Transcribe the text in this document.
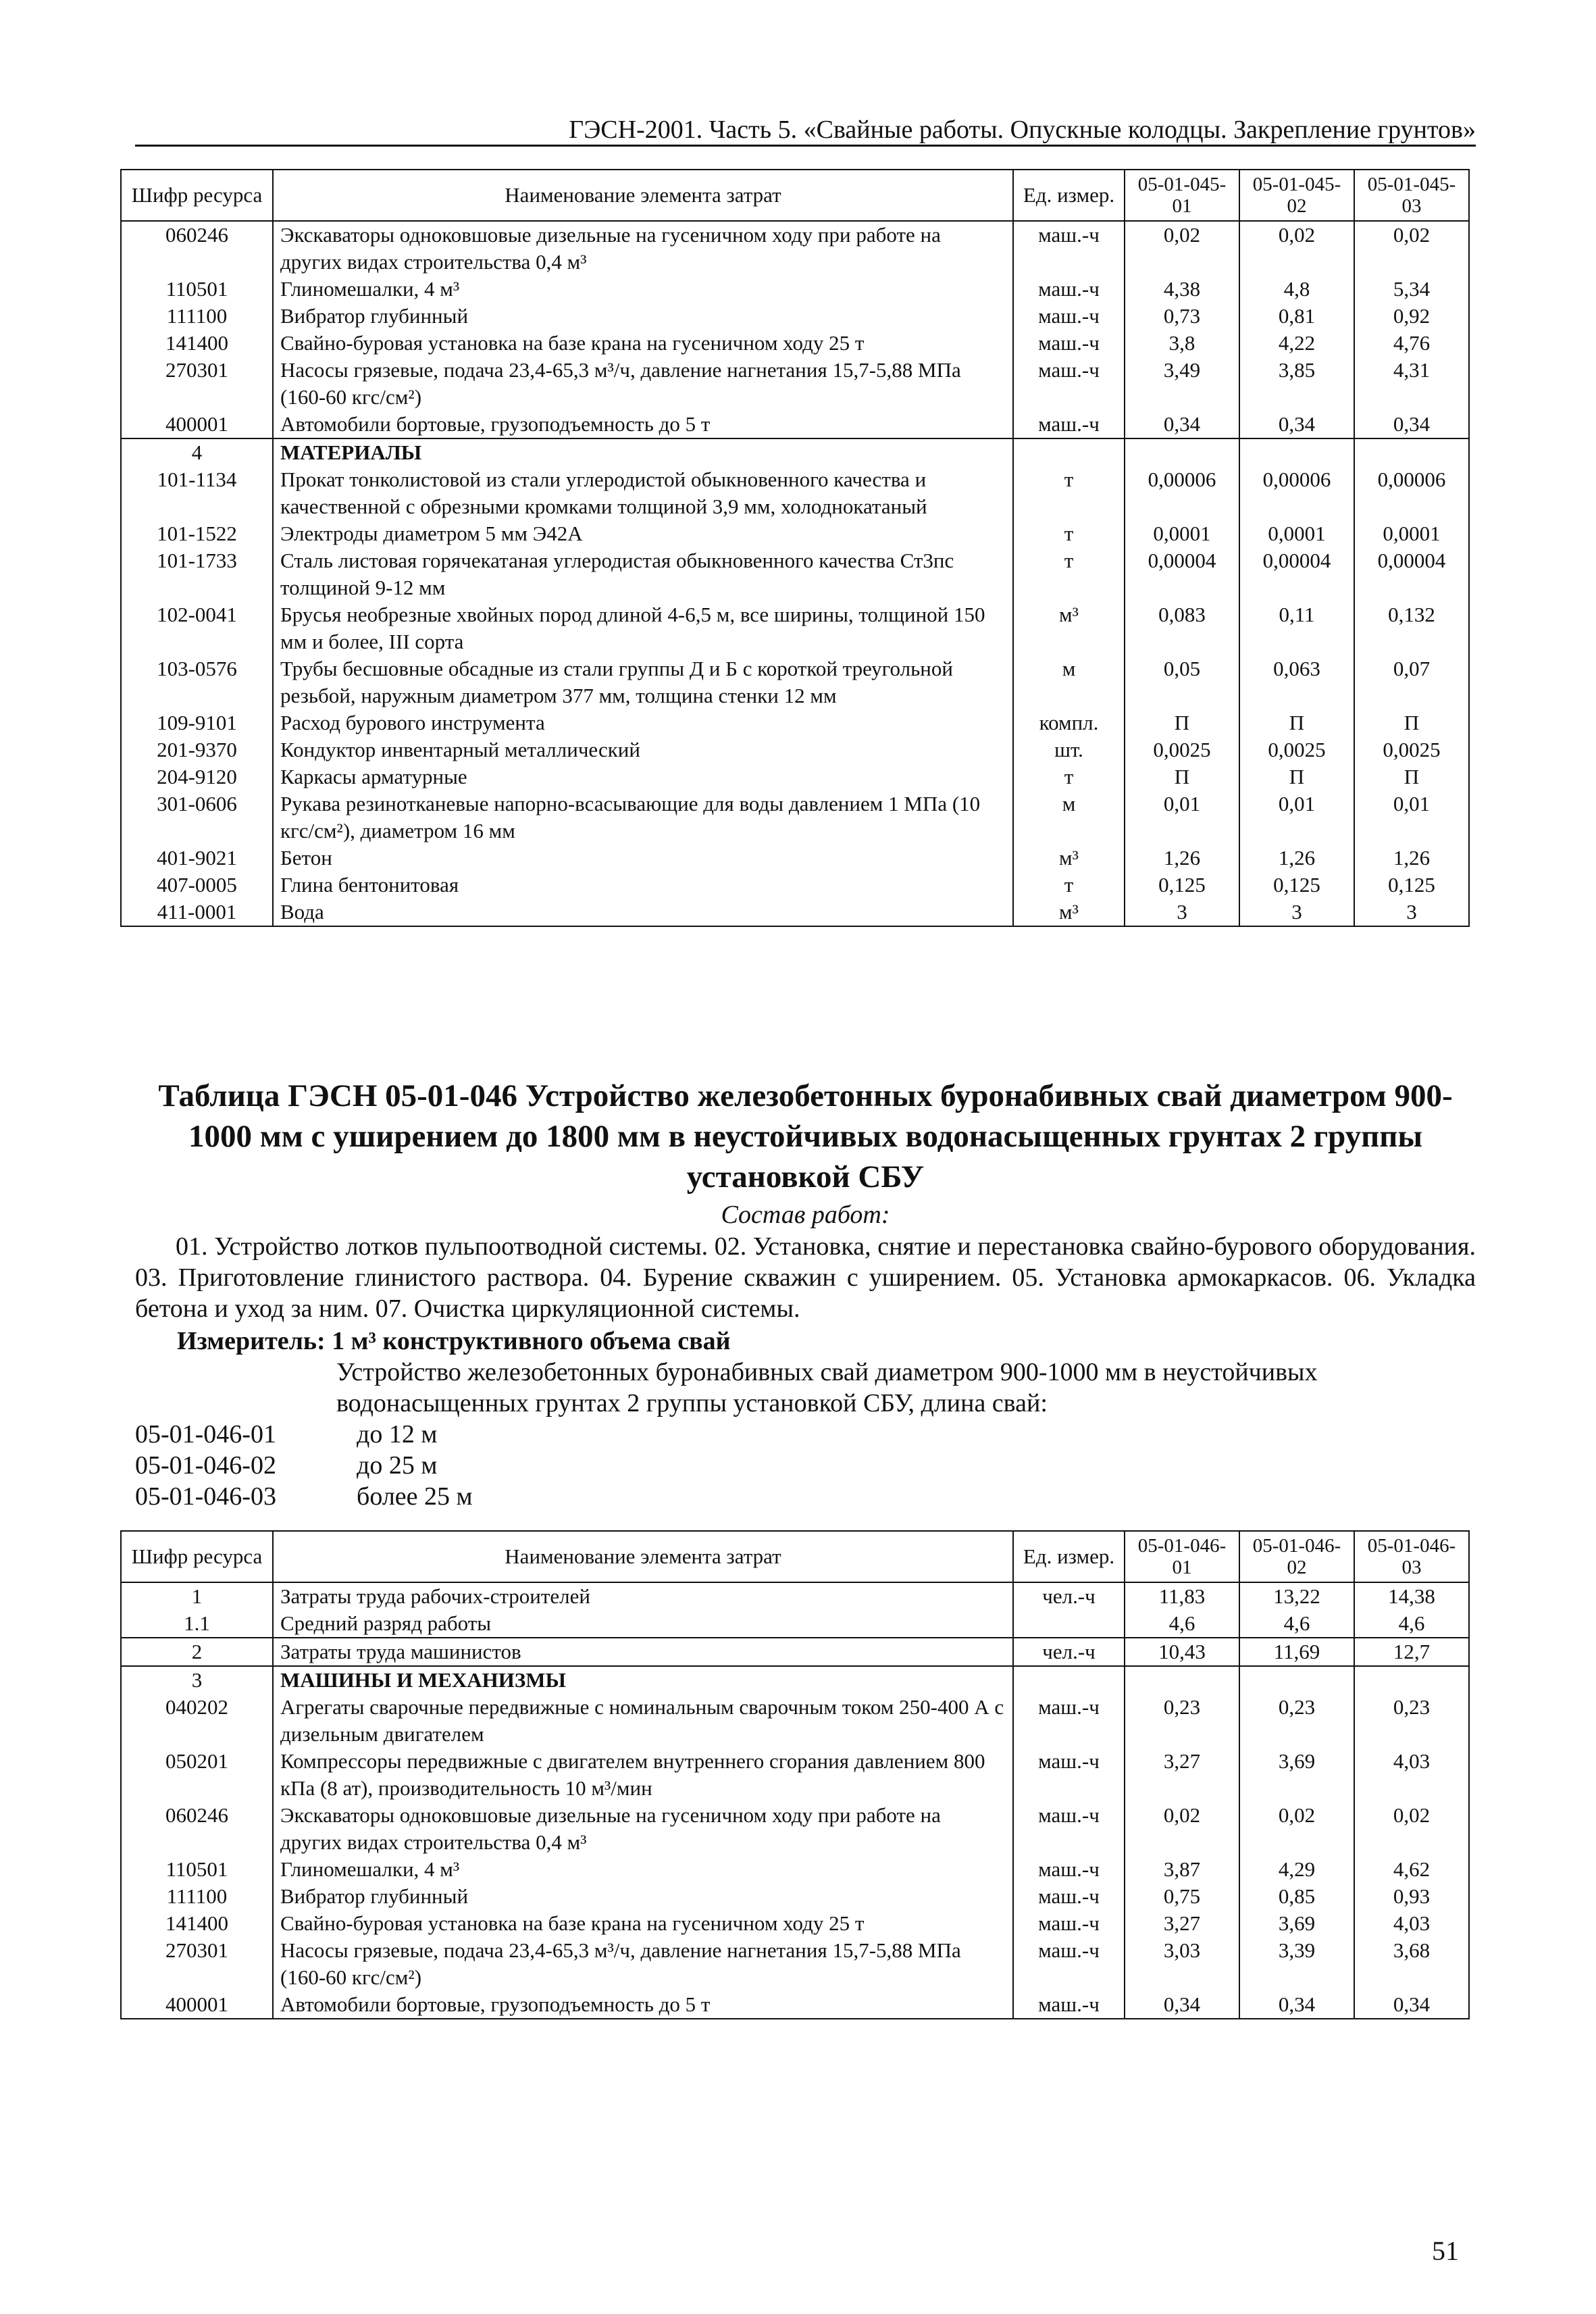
ГЭСН-2001. Часть 5. «Свайные работы. Опускные колодцы. Закрепление грунтов»
Шифр ресурса	Наименование элемента затрат	Ед. измер.	05-01-045-01	05-01-045-02	05-01-045-03
060246	Экскаваторы одноковшовые дизельные на гусеничном ходу при работе на других видах строительства 0,4 м³	маш.-ч	0,02	0,02	0,02
110501	Глиномешалки, 4 м³	маш.-ч	4,38	4,8	5,34
111100	Вибратор глубинный	маш.-ч	0,73	0,81	0,92
141400	Свайно-буровая установка на базе крана на гусеничном ходу 25 т	маш.-ч	3,8	4,22	4,76
270301	Насосы грязевые, подача 23,4-65,3 м³/ч, давление нагнетания 15,7-5,88 МПа (160-60 кгс/см²)	маш.-ч	3,49	3,85	4,31
400001	Автомобили бортовые, грузоподъемность до 5 т	маш.-ч	0,34	0,34	0,34
4	МАТЕРИАЛЫ				
101-1134	Прокат тонколистовой из стали углеродистой обыкновенного качества и качественной с обрезными кромками толщиной 3,9 мм, холоднокатаный	т	0,00006	0,00006	0,00006
101-1522	Электроды диаметром 5 мм Э42А	т	0,0001	0,0001	0,0001
101-1733	Сталь листовая горячекатаная углеродистая обыкновенного качества Ст3пс толщиной 9-12 мм	т	0,00004	0,00004	0,00004
102-0041	Брусья необрезные хвойных пород длиной 4-6,5 м, все ширины, толщиной 150 мм и более, III сорта	м³	0,083	0,11	0,132
103-0576	Трубы бесшовные обсадные из стали группы Д и Б с короткой треугольной резьбой, наружным диаметром 377 мм, толщина стенки 12 мм	м	0,05	0,063	0,07
109-9101	Расход бурового инструмента	компл.	П	П	П
201-9370	Кондуктор инвентарный металлический	шт.	0,0025	0,0025	0,0025
204-9120	Каркасы арматурные	т	П	П	П
301-0606	Рукава резинотканевые напорно-всасывающие для воды давлением 1 МПа (10 кгс/см²), диаметром 16 мм	м	0,01	0,01	0,01
401-9021	Бетон	м³	1,26	1,26	1,26
407-0005	Глина бентонитовая	т	0,125	0,125	0,125
411-0001	Вода	м³	3	3	3
Таблица ГЭСН 05-01-046 Устройство железобетонных буронабивных свай диаметром 900-1000 мм с уширением до 1800 мм в неустойчивых водонасыщенных грунтах 2 группы установкой СБУ
Состав работ:
01. Устройство лотков пульпоотводной системы. 02. Установка, снятие и перестановка свайно-бурового оборудования. 03. Приготовление глинистого раствора. 04. Бурение скважин с уширением. 05. Установка армокаркасов. 06. Укладка бетона и уход за ним. 07. Очистка циркуляционной системы.
Измеритель: 1 м³ конструктивного объема свай
Устройство железобетонных буронабивных свай диаметром 900-1000 мм в неустойчивых водонасыщенных грунтах 2 группы установкой СБУ, длина свай:
05-01-046-01	до 12 м
05-01-046-02	до 25 м
05-01-046-03	более 25 м
Шифр ресурса	Наименование элемента затрат	Ед. измер.	05-01-046-01	05-01-046-02	05-01-046-03
1	Затраты труда рабочих-строителей	чел.-ч	11,83	13,22	14,38
1.1	Средний разряд работы		4,6	4,6	4,6
2	Затраты труда машинистов	чел.-ч	10,43	11,69	12,7
3	МАШИНЫ И МЕХАНИЗМЫ				
040202	Агрегаты сварочные передвижные с номинальным сварочным током 250-400 А с дизельным двигателем	маш.-ч	0,23	0,23	0,23
050201	Компрессоры передвижные с двигателем внутреннего сгорания давлением 800 кПа (8 ат), производительность 10 м³/мин	маш.-ч	3,27	3,69	4,03
060246	Экскаваторы одноковшовые дизельные на гусеничном ходу при работе на других видах строительства 0,4 м³	маш.-ч	0,02	0,02	0,02
110501	Глиномешалки, 4 м³	маш.-ч	3,87	4,29	4,62
111100	Вибратор глубинный	маш.-ч	0,75	0,85	0,93
141400	Свайно-буровая установка на базе крана на гусеничном ходу 25 т	маш.-ч	3,27	3,69	4,03
270301	Насосы грязевые, подача 23,4-65,3 м³/ч, давление нагнетания 15,7-5,88 МПа (160-60 кгс/см²)	маш.-ч	3,03	3,39	3,68
400001	Автомобили бортовые, грузоподъемность до 5 т	маш.-ч	0,34	0,34	0,34
51
